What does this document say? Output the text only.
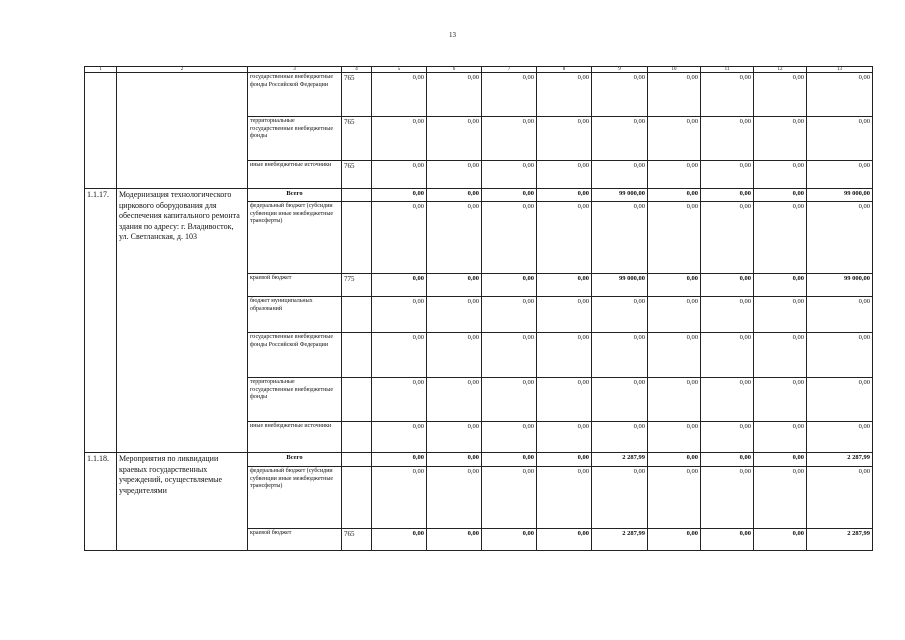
13
1	2	3	4	5	6	7	8	9	10	11	12	13
		государственные внебюджетные фонды Российской Федерации	765	0,00	0,00	0,00	0,00	0,00	0,00	0,00	0,00	0,00
		территориальные государственные внебюджетные фонды	765	0,00	0,00	0,00	0,00	0,00	0,00	0,00	0,00	0,00
		иные внебюджетные источники	765	0,00	0,00	0,00	0,00	0,00	0,00	0,00	0,00	0,00
1.1.17.	Модернизация технологического циркового оборудования для обеспечения капитального ремонта здания по адресу: г. Владивосток, ул. Светланская, д. 103	Всего		0,00	0,00	0,00	0,00	99 000,00	0,00	0,00	0,00	99 000,00
		федеральный бюджет (субсидии субвенции иные межбюджетные трансферты)		0,00	0,00	0,00	0,00	0,00	0,00	0,00	0,00	0,00
		краевой бюджет	775	0,00	0,00	0,00	0,00	99 000,00	0,00	0,00	0,00	99 000,00
		бюджет муниципальных образований		0,00	0,00	0,00	0,00	0,00	0,00	0,00	0,00	0,00
		государственные внебюджетные фонды Российской Федерации		0,00	0,00	0,00	0,00	0,00	0,00	0,00	0,00	0,00
		территориальные государственные внебюджетные фонды		0,00	0,00	0,00	0,00	0,00	0,00	0,00	0,00	0,00
		иные внебюджетные источники		0,00	0,00	0,00	0,00	0,00	0,00	0,00	0,00	0,00
1.1.18.	Мероприятия по ликвидации краевых государственных учреждений, осуществляемые учредителями	Всего		0,00	0,00	0,00	0,00	2 287,99	0,00	0,00	0,00	2 287,99
		федеральный бюджет (субсидии субвенции иные межбюджетные трансферты)		0,00	0,00	0,00	0,00	0,00	0,00	0,00	0,00	0,00
		краевой бюджет	765	0,00	0,00	0,00	0,00	2 287,99	0,00	0,00	0,00	2 287,99
